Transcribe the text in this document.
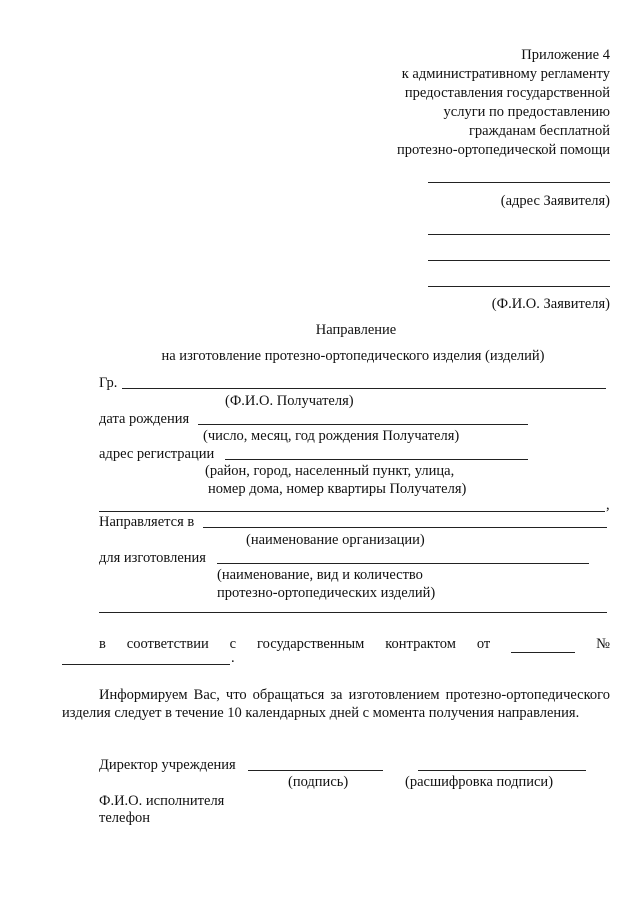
Приложение 4
к административному регламенту
предоставления государственной
услуги по предоставлению
гражданам бесплатной
протезно-ортопедической помощи
(адрес Заявителя)
(Ф.И.О. Заявителя)
Направление
на изготовление протезно-ортопедического изделия (изделий)
Гр.
(Ф.И.О. Получателя)
дата рождения
(число, месяц, год рождения Получателя)
адрес регистрации
(район, город, населенный пункт, улица,
номер дома, номер квартиры Получателя)
,
Направляется в
(наименование организации)
для изготовления
(наименование, вид и количество
протезно-ортопедических изделий)
в соответствии с государственным контрактом от	№
.
Информируем Вас, что обращаться за изготовлением протезно-ортопедического изделия следует в течение 10 календарных дней с момента получения направления.
Директор учреждения
(подпись)	(расшифровка подписи)
Ф.И.О. исполнителя
телефон
